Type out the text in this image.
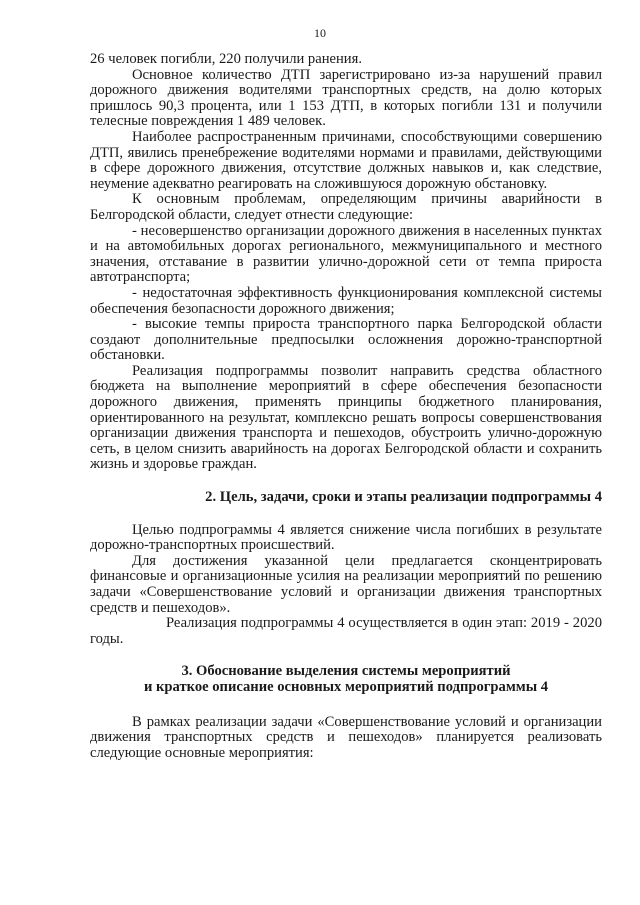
10

26 человек погибли, 220 получили ранения.

Основное количество ДТП зарегистрировано из-за нарушений правил дорожного движения водителями транспортных средств, на долю которых пришлось 90,3 процента, или 1 153 ДТП, в которых погибли 131 и получили телесные повреждения 1 489 человек.

Наиболее распространенным причинами, способствующими совершению ДТП, явились пренебрежение водителями нормами и правилами, действующими в сфере дорожного движения, отсутствие должных навыков и, как следствие, неумение адекватно реагировать на сложившуюся дорожную обстановку.

К основным проблемам, определяющим причины аварийности в Белгородской области, следует отнести следующие:

- несовершенство организации дорожного движения в населенных пунктах и на автомобильных дорогах регионального, межмуниципального и местного значения, отставание в развитии улично-дорожной сети от темпа прироста автотранспорта;

- недостаточная эффективность функционирования комплексной системы обеспечения безопасности дорожного движения;

- высокие темпы прироста транспортного парка Белгородской области создают дополнительные предпосылки осложнения дорожно-транспортной обстановки.

Реализация подпрограммы позволит направить средства областного бюджета на выполнение мероприятий в сфере обеспечения безопасности дорожного движения, применять принципы бюджетного планирования, ориентированного на результат, комплексно решать вопросы совершенствования организации движения транспорта и пешеходов, обустроить улично-дорожную сеть, в целом снизить аварийность на дорогах Белгородской области и сохранить жизнь и здоровье граждан.

2. Цель, задачи, сроки и этапы реализации подпрограммы 4

Целью подпрограммы 4 является снижение числа погибших в результате дорожно-транспортных происшествий.

Для достижения указанной цели предлагается сконцентрировать финансовые и организационные усилия на реализации мероприятий по решению задачи «Совершенствование условий и организации движения транспортных средств и пешеходов».

Реализация подпрограммы 4 осуществляется в один этап: 2019 - 2020 годы.

3. Обоснование выделения системы мероприятий

и краткое описание основных мероприятий подпрограммы 4

В рамках реализации задачи «Совершенствование условий и организации движения транспортных средств и пешеходов» планируется реализовать следующие основные мероприятия:
